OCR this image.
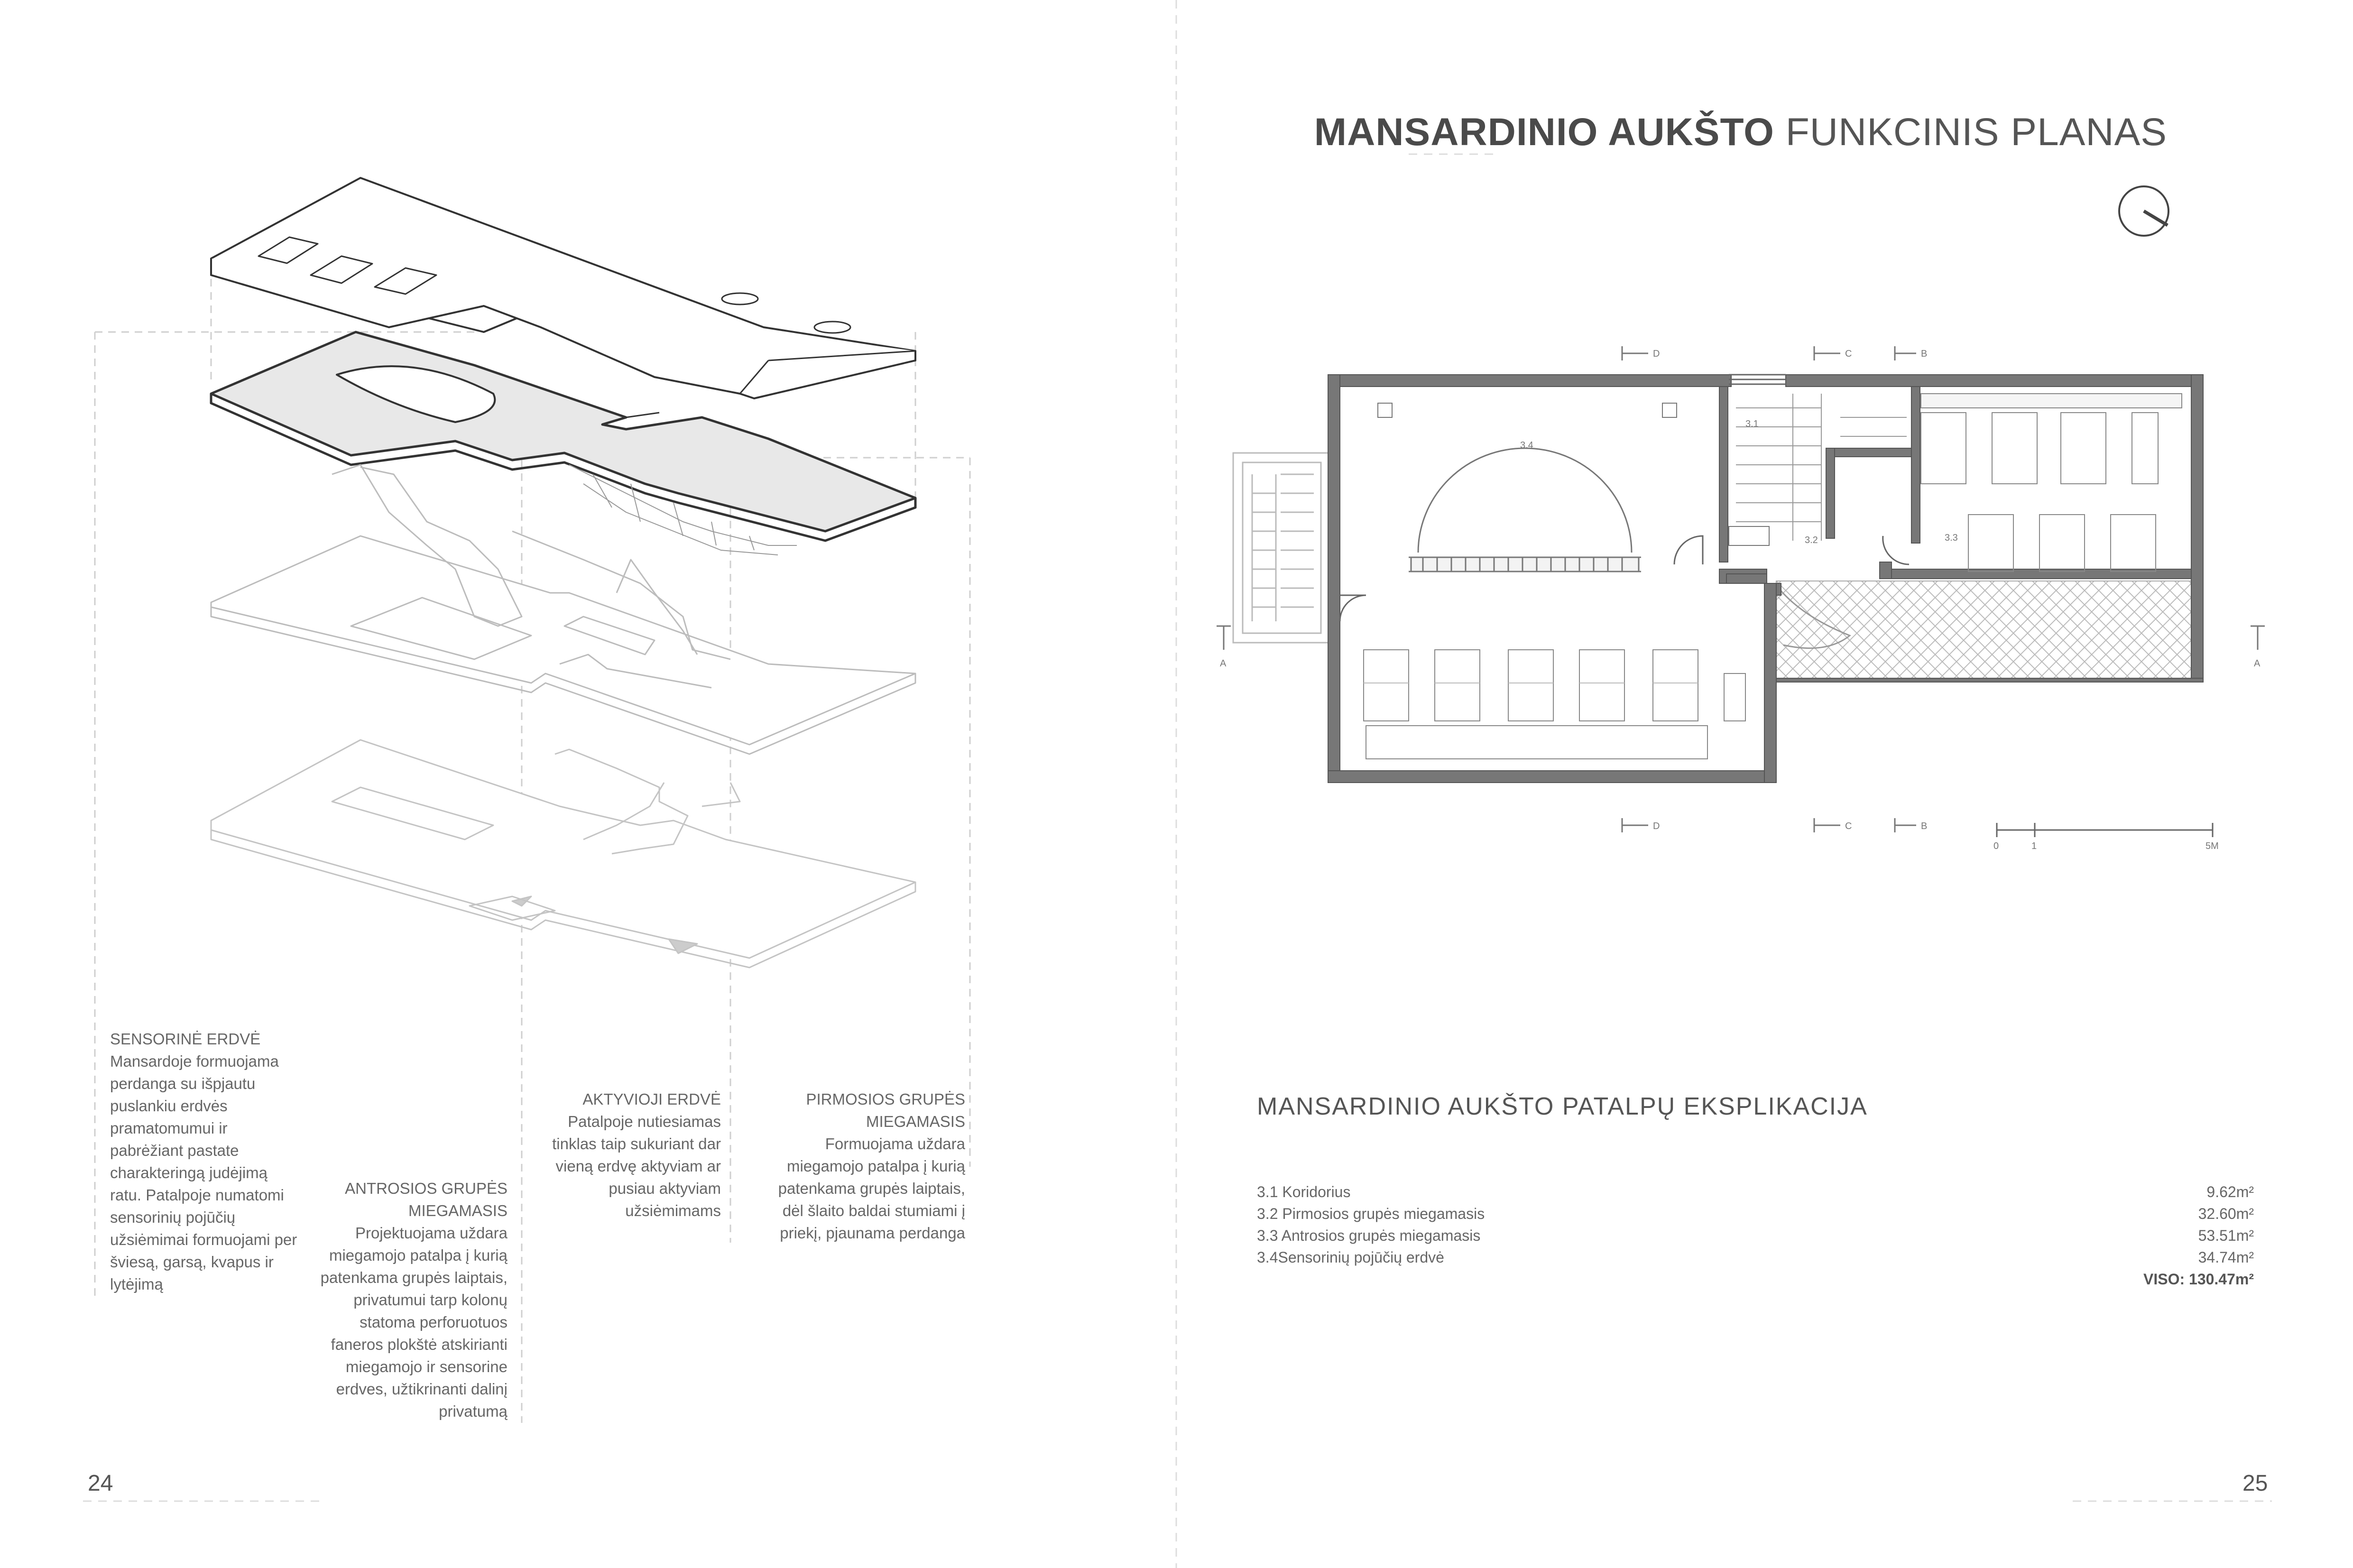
D	C	B
D	C	B
A	A
0	1	5M
3.4
3.1
3.3
3.2
MANSARDINIO AUKŠTO FUNKCINIS PLANAS
SENSORINĖ ERDVĖ
Mansardoje formuojama
perdanga su išpjautu
puslankiu erdvės
pramatomumui ir
pabrėžiant pastate
charakteringą judėjimą
ratu. Patalpoje numatomi
sensorinių pojūčių
užsiėmimai formuojami per
šviesą, garsą, kvapus ir
lytėjimą
ANTROSIOS GRUPĖS
MIEGAMASIS
Projektuojama uždara
miegamojo patalpa į kurią
patenkama grupės laiptais,
privatumui tarp kolonų
statoma perforuotuos
faneros plokštė atskirianti
miegamojo ir sensorine
erdves, užtikrinanti dalinį
privatumą
AKTYVIOJI ERDVĖ
Patalpoje nutiesiamas
tinklas taip sukuriant dar
vieną erdvę aktyviam ar
pusiau aktyviam
užsiėmimams
PIRMOSIOS GRUPĖS
MIEGAMASIS
Formuojama uždara
miegamojo patalpa į kurią
patenkama grupės laiptais,
dėl šlaito baldai stumiami į
priekį, pjaunama perdanga
MANSARDINIO AUKŠTO PATALPŲ EKSPLIKACIJA
3.1 Koridorius	9.62m²
3.2 Pirmosios grupės miegamasis	32.60m²
3.3 Antrosios grupės miegamasis	53.51m²
3.4Sensorinių pojūčių erdvė	34.74m²
VISO: 130.47m²
24	25
